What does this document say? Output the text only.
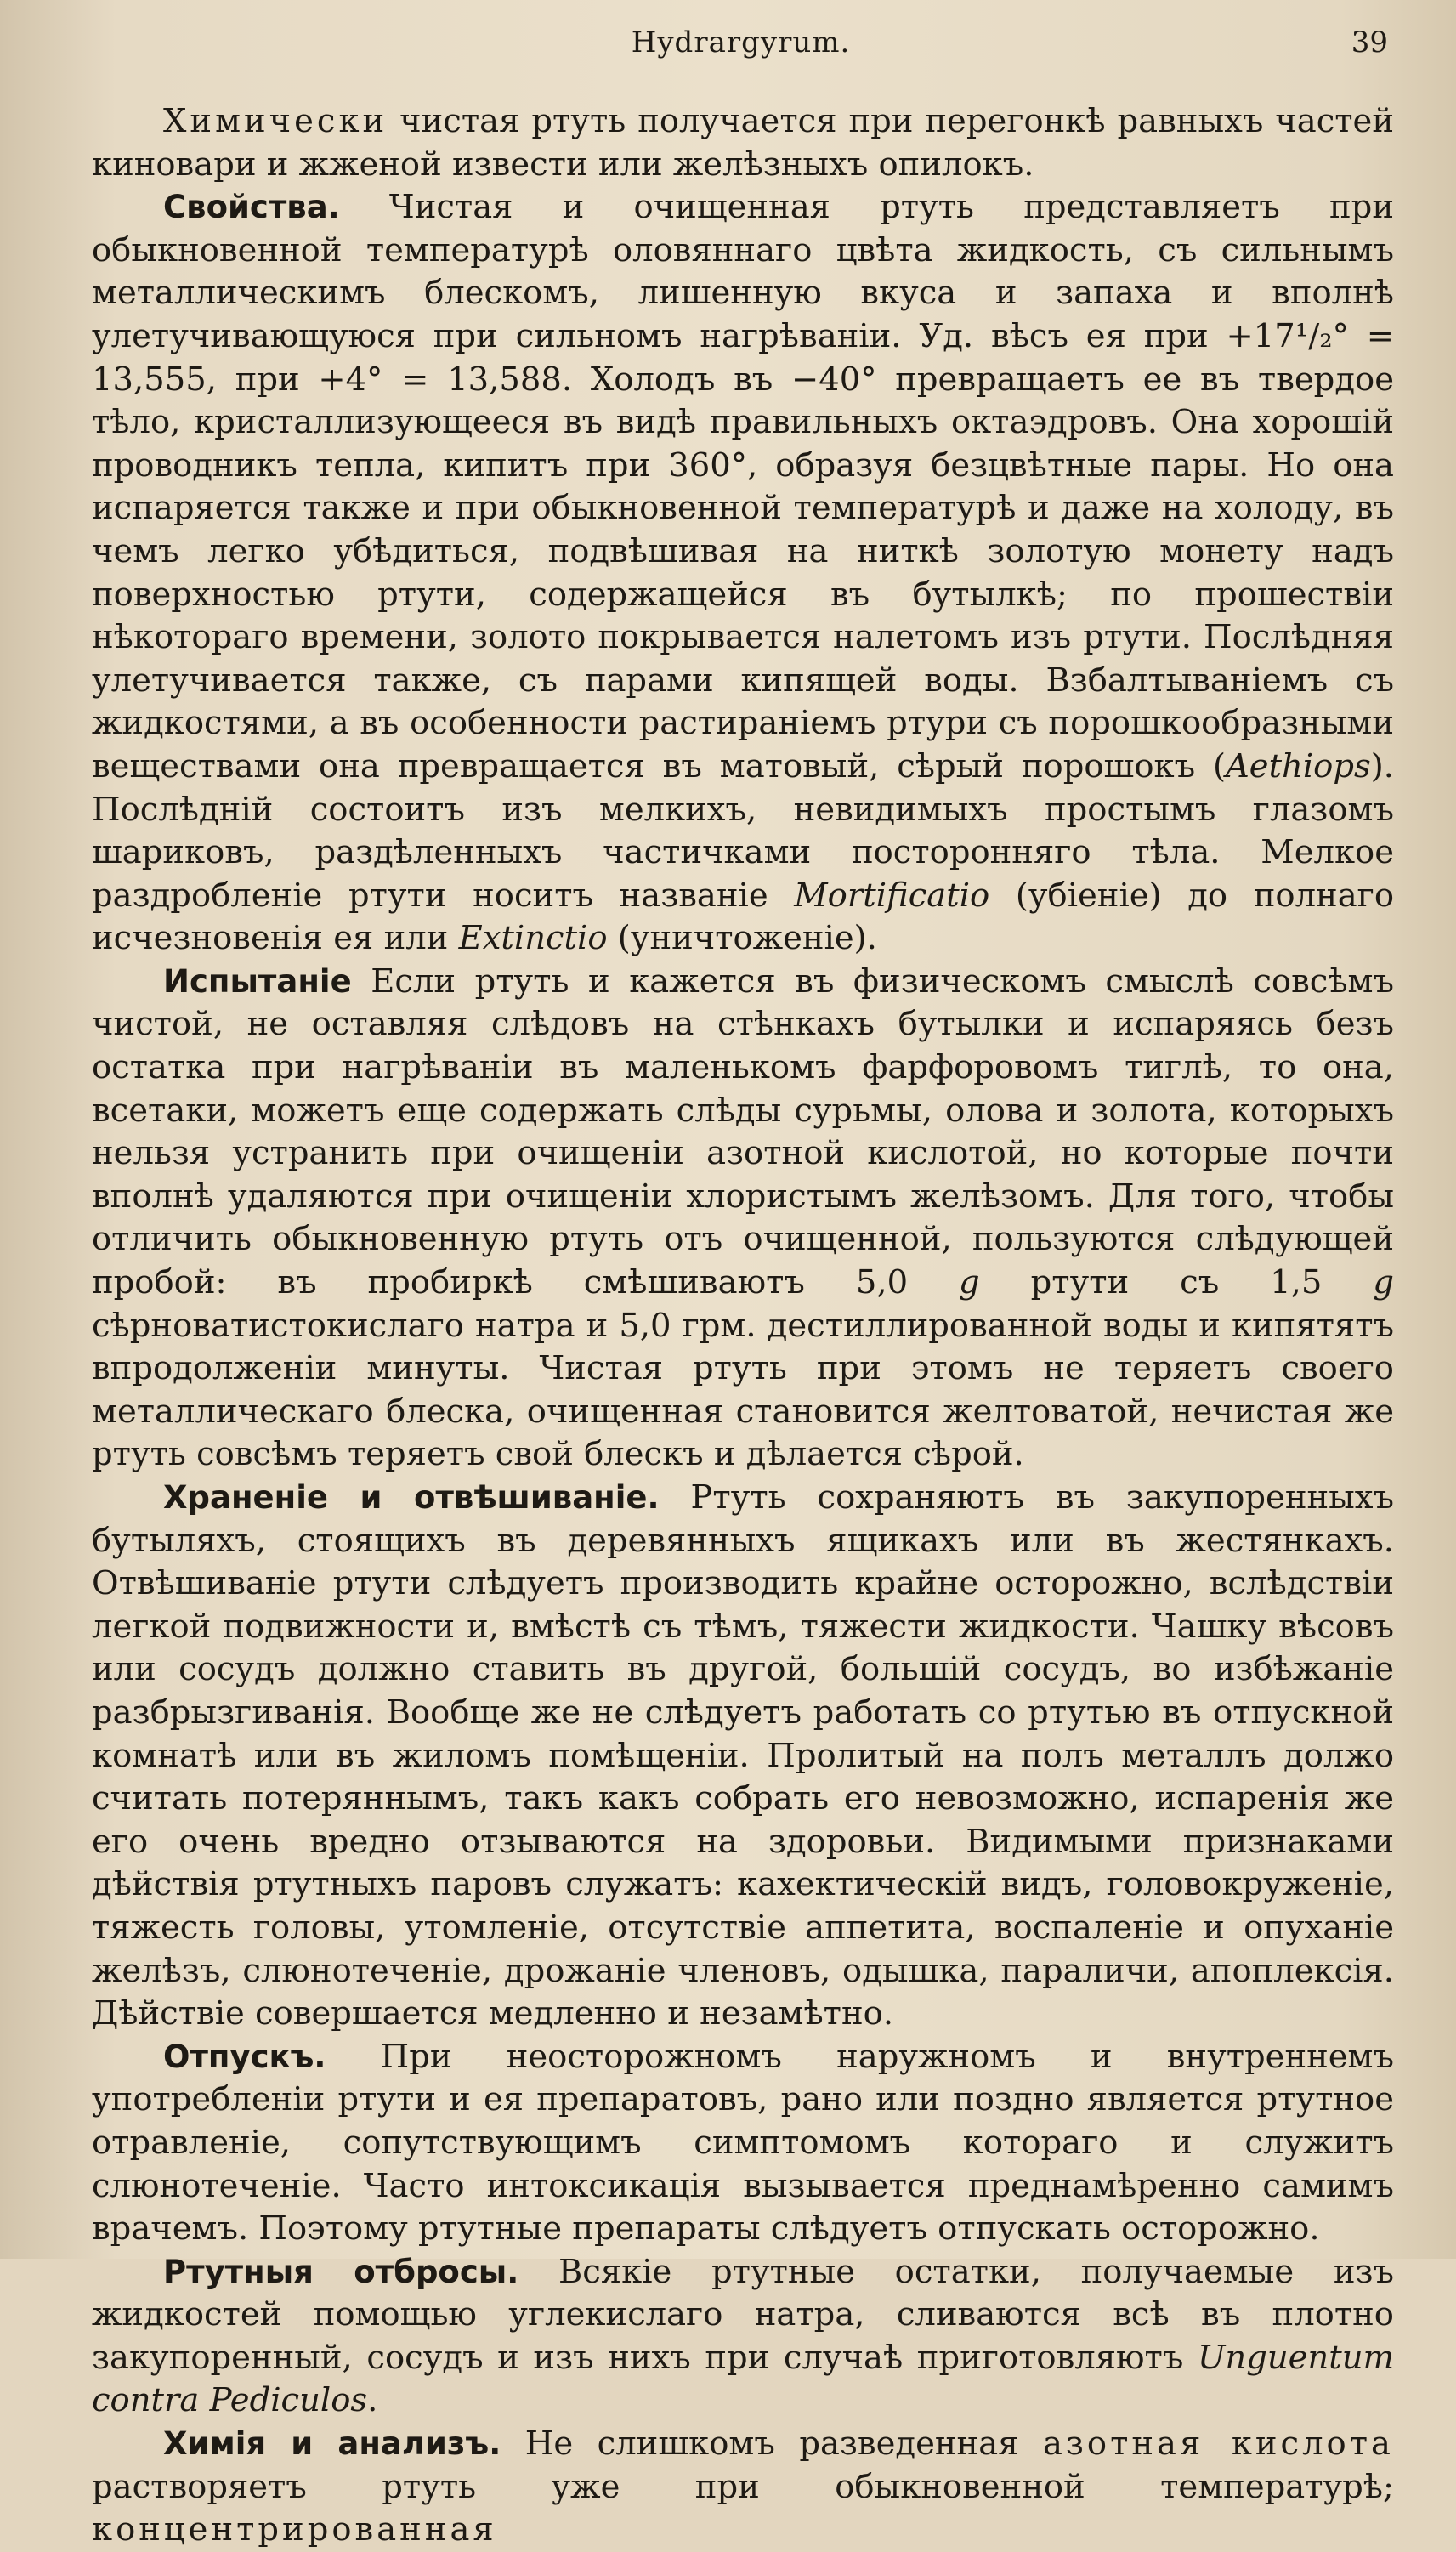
Hydrargyrum.	39

Химически чистая ртуть получается при перегонкѣ равныхъ частей киновари и жженой извести или желѣзныхъ опилокъ.

Свойства. Чистая и очищенная ртуть представляетъ при обыкновенной температурѣ оловяннаго цвѣта жидкость, съ сильнымъ металлическимъ блескомъ, лишенную вкуса и запаха и вполнѣ улетучивающуюся при сильномъ нагрѣваніи. Уд. вѣсъ ея при +17¹/₂° = 13,555, при +4° = 13,588. Холодъ въ −40° превращаетъ ее въ твердое тѣло, кристаллизующееся въ видѣ правильныхъ октаэдровъ. Она хорошій проводникъ тепла, кипитъ при 360°, образуя безцвѣтные пары. Но она испаряется также и при обыкновенной температурѣ и даже на холоду, въ чемъ легко убѣдиться, подвѣшивая на ниткѣ золотую монету надъ поверхностью ртути, содержащейся въ бутылкѣ; по прошествіи нѣкотораго времени, золото покрывается налетомъ изъ ртути. Послѣдняя улетучивается также, съ парами кипящей воды. Взбалтываніемъ съ жидкостями, а въ особенности растираніемъ ртури съ порошкообразными веществами она превращается въ матовый, сѣрый порошокъ (Aethiops). Послѣдній состоитъ изъ мелкихъ, невидимыхъ простымъ глазомъ шариковъ, раздѣленныхъ частичками посторонняго тѣла. Мелкое раздробленіе ртути носитъ названіе Mortificatio (убіеніе) до полнаго исчезновенія ея или Extinctio (уничтоженіе).

Испытаніе Если ртуть и кажется въ физическомъ смыслѣ совсѣмъ чистой, не оставляя слѣдовъ на стѣнкахъ бутылки и испаряясь безъ остатка при нагрѣваніи въ маленькомъ фарфоровомъ тиглѣ, то она, всетаки, можетъ еще содержать слѣды сурьмы, олова и золота, которыхъ нельзя устранить при очищеніи азотной кислотой, но которые почти вполнѣ удаляются при очищеніи хлористымъ желѣзомъ. Для того, чтобы отличить обыкновенную ртуть отъ очищенной, пользуются слѣдующей пробой: въ пробиркѣ смѣшиваютъ 5,0 g ртути съ 1,5 g сѣрноватистокислаго натра и 5,0 грм. дестиллированной воды и кипятятъ впродолженіи минуты. Чистая ртуть при этомъ не теряетъ своего металлическаго блеска, очищенная становится желтоватой, нечистая же ртуть совсѣмъ теряетъ свой блескъ и дѣлается сѣрой.

Храненіе и отвѣшиваніе. Ртуть сохраняютъ въ закупоренныхъ бутыляхъ, стоящихъ въ деревянныхъ ящикахъ или въ жестянкахъ. Отвѣшиваніе ртути слѣдуетъ производить крайне осторожно, вслѣдствіи легкой подвижности и, вмѣстѣ съ тѣмъ, тяжести жидкости. Чашку вѣсовъ или сосудъ должно ставить въ другой, большій сосудъ, во избѣжаніе разбрызгиванія. Вообще же не слѣдуетъ работать со ртутью въ отпускной комнатѣ или въ жиломъ помѣщеніи. Пролитый на полъ металлъ должо считать потеряннымъ, такъ какъ собрать его невозможно, испаренія же его очень вредно отзываются на здоровьи. Видимыми признаками дѣйствія ртутныхъ паровъ служатъ: кахектическій видъ, головокруженіе, тяжесть головы, утомленіе, отсутствіе аппетита, воспаленіе и опуханіе желѣзъ, слюнотеченіе, дрожаніе членовъ, одышка, параличи, апоплексія. Дѣйствіе совершается медленно и незамѣтно.

Отпускъ. При неосторожномъ наружномъ и внутреннемъ употребленіи ртути и ея препаратовъ, рано или поздно является ртутное отравленіе, сопутствующимъ симптомомъ котораго и служитъ слюнотеченіе. Часто интоксикація вызывается преднамѣренно самимъ врачемъ. Поэтому ртутные препараты слѣдуетъ отпускать осторожно.

Ртутныя отбросы. Всякіе ртутные остатки, получаемые изъ жидкостей помощью углекислаго натра, сливаются всѣ въ плотно закупоренный, сосудъ и изъ нихъ при случаѣ приготовляютъ Unguentum contra Pediculos.

Химія и анализъ. Не слишкомъ разведенная азотная кислота растворяетъ ртуть уже при обыкновенной температурѣ; концентрированная
